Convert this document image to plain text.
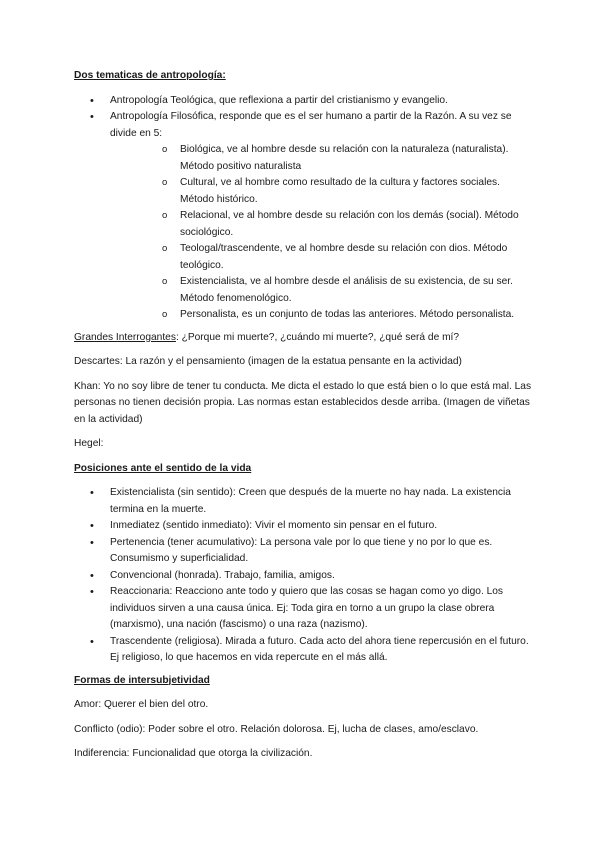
Dos tematicas de antropología:
• Antropología Teológica, que reflexiona a partir del cristianismo y evangelio.
• Antropología Filosófica, responde que es el ser humano a partir de la Razón. A su vez se divide en 5:
o Biológica, ve al hombre desde su relación con la naturaleza (naturalista). Método positivo naturalista
o Cultural, ve al hombre como resultado de la cultura y factores sociales. Método histórico.
o Relacional, ve al hombre desde su relación con los demás (social). Método sociológico.
o Teologal/trascendente, ve al hombre desde su relación con dios. Método teológico.
o Existencialista, ve al hombre desde el análisis de su existencia, de su ser. Método fenomenológico.
o Personalista, es un conjunto de todas las anteriores. Método personalista.

Grandes Interrogantes: ¿Porque mi muerte?, ¿cuándo mi muerte?, ¿qué será de mí?

Descartes: La razón y el pensamiento (imagen de la estatua pensante en la actividad)

Khan: Yo no soy libre de tener tu conducta. Me dicta el estado lo que está bien o lo que está mal. Las personas no tienen decisión propia. Las normas estan establecidos desde arriba. (Imagen de viñetas en la actividad)

Hegel:

Posiciones ante el sentido de la vida
• Existencialista (sin sentido): Creen que después de la muerte no hay nada. La existencia termina en la muerte.
• Inmediatez (sentido inmediato): Vivir el momento sin pensar en el futuro.
• Pertenencia (tener acumulativo): La persona vale por lo que tiene y no por lo que es. Consumismo y superficialidad.
• Convencional (honrada). Trabajo, familia, amigos.
• Reaccionaria: Reacciono ante todo y quiero que las cosas se hagan como yo digo. Los individuos sirven a una causa única. Ej: Toda gira en torno a un grupo la clase obrera (marxismo), una nación (fascismo) o una raza (nazismo).
• Trascendente (religiosa). Mirada a futuro. Cada acto del ahora tiene repercusión en el futuro. Ej religioso, lo que hacemos en vida repercute en el más allá.
Formas de intersubjetividad

Amor: Querer el bien del otro.

Conflicto (odio): Poder sobre el otro. Relación dolorosa. Ej, lucha de clases, amo/esclavo.

Indiferencia: Funcionalidad que otorga la civilización.
